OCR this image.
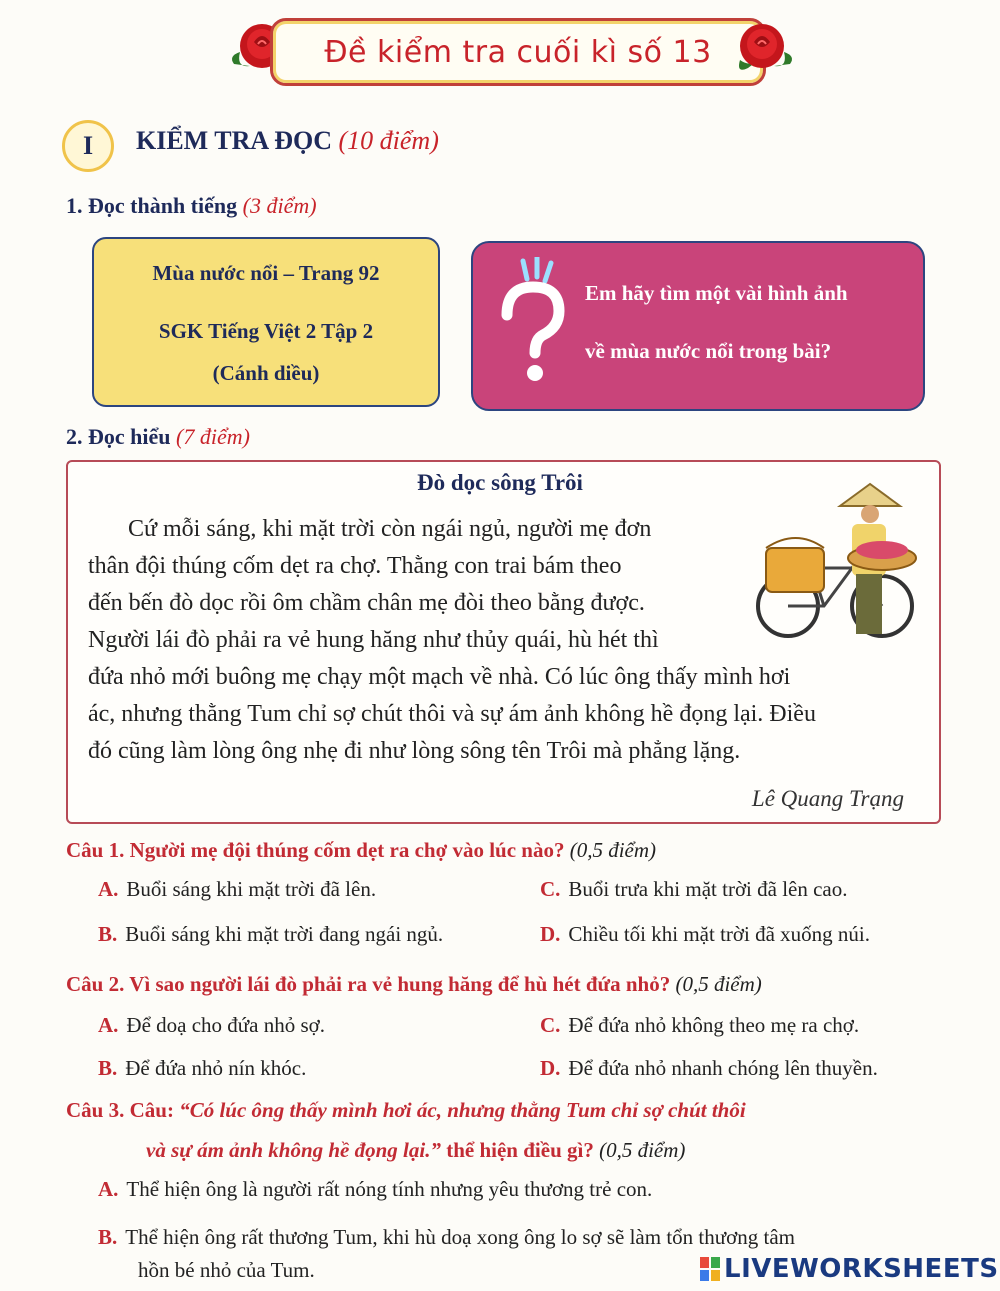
Đề kiểm tra cuối kì số 13
I	KIỂM TRA ĐỌC (10 điểm)
1. Đọc thành tiếng (3 điểm)
Mùa nước nổi – Trang 92
SGK Tiếng Việt 2 Tập 2
(Cánh diều)
Em hãy tìm một vài hình ảnh
về mùa nước nổi trong bài?
2. Đọc hiểu (7 điểm)
Đò dọc sông Trôi
Cứ mỗi sáng, khi mặt trời còn ngái ngủ, người mẹ đơn
thân đội thúng cốm dẹt ra chợ. Thằng con trai bám theo
đến bến đò dọc rồi ôm chầm chân mẹ đòi theo bằng được.
Người lái đò phải ra vẻ hung hăng như thủy quái, hù hét thì
đứa nhỏ mới buông mẹ chạy một mạch về nhà. Có lúc ông thấy mình hơi
ác, nhưng thằng Tum chỉ sợ chút thôi và sự ám ảnh không hề đọng lại. Điều
đó cũng làm lòng ông nhẹ đi như lòng sông tên Trôi mà phẳng lặng.
Lê Quang Trạng
Câu 1. Người mẹ đội thúng cốm dẹt ra chợ vào lúc nào? (0,5 điểm)
A. Buổi sáng khi mặt trời đã lên.	C. Buổi trưa khi mặt trời đã lên cao.
B. Buổi sáng khi mặt trời đang ngái ngủ.	D. Chiều tối khi mặt trời đã xuống núi.
Câu 2. Vì sao người lái đò phải ra vẻ hung hăng để hù hét đứa nhỏ? (0,5 điểm)
A. Để doạ cho đứa nhỏ sợ.	C. Để đứa nhỏ không theo mẹ ra chợ.
B. Để đứa nhỏ nín khóc.	D. Để đứa nhỏ nhanh chóng lên thuyền.
Câu 3. Câu: “Có lúc ông thấy mình hơi ác, nhưng thằng Tum chỉ sợ chút thôi
và sự ám ảnh không hề đọng lại.” thể hiện điều gì? (0,5 điểm)
A. Thể hiện ông là người rất nóng tính nhưng yêu thương trẻ con.
B. Thể hiện ông rất thương Tum, khi hù doạ xong ông lo sợ sẽ làm tổn thương tâm
hồn bé nhỏ của Tum.	LIVEWORKSHEETS
